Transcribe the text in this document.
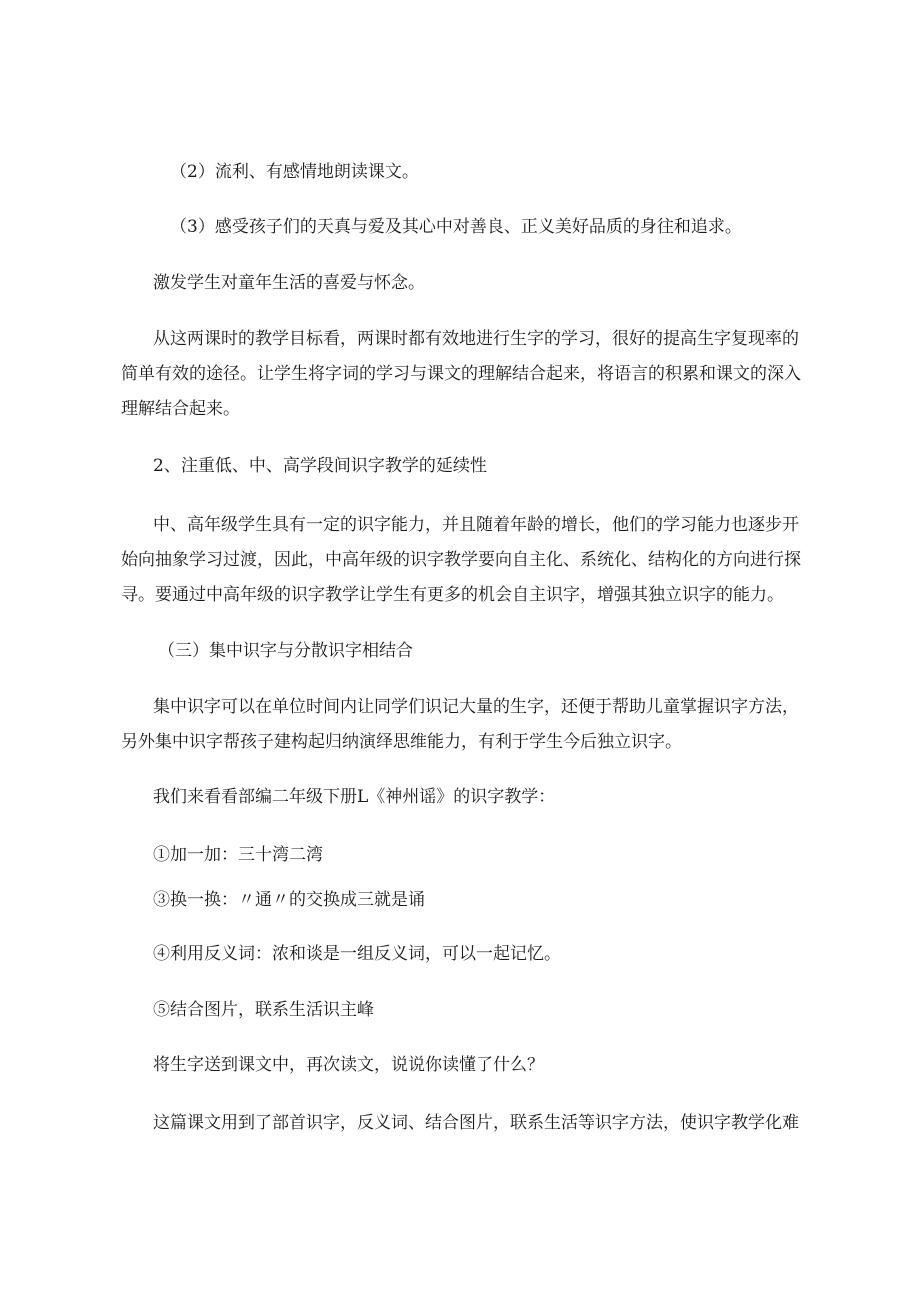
（2）流利、有感情地朗读课文。

（3）感受孩子们的天真与爱及其心中对善良、正义美好品质的身往和追求。

激发学生对童年生活的喜爱与怀念。

从这两课时的教学目标看，两课时都有效地进行生字的学习，很好的提高生字复现率的
简单有效的途径。让学生将字词的学习与课文的理解结合起来，将语言的积累和课文的深入
理解结合起来。

2、注重低、中、高学段间识字教学的延续性

中、高年级学生具有一定的识字能力，并且随着年龄的增长，他们的学习能力也逐步开
始向抽象学习过渡，因此，中高年级的识字教学要向自主化、系统化、结构化的方向进行探
寻。要通过中高年级的识字教学让学生有更多的机会自主识字，增强其独立识字的能力。

（三）集中识字与分散识字相结合

集中识字可以在单位时间内让同学们识记大量的生字，还便于帮助儿童掌握识字方法，
另外集中识字帮孩子建构起归纳演绎思维能力，有利于学生今后独立识字。

我们来看看部编二年级下册L《神州谣》的识字教学：

①加一加：三十湾二湾

③换一换：〃通〃的交换成三就是诵

④利用反义词：浓和谈是一组反义词，可以一起记忆。

⑤结合图片，联系生活识主峰

将生字送到课文中，再次读文，说说你读懂了什么？

这篇课文用到了部首识字，反义词、结合图片，联系生活等识字方法，使识字教学化难
